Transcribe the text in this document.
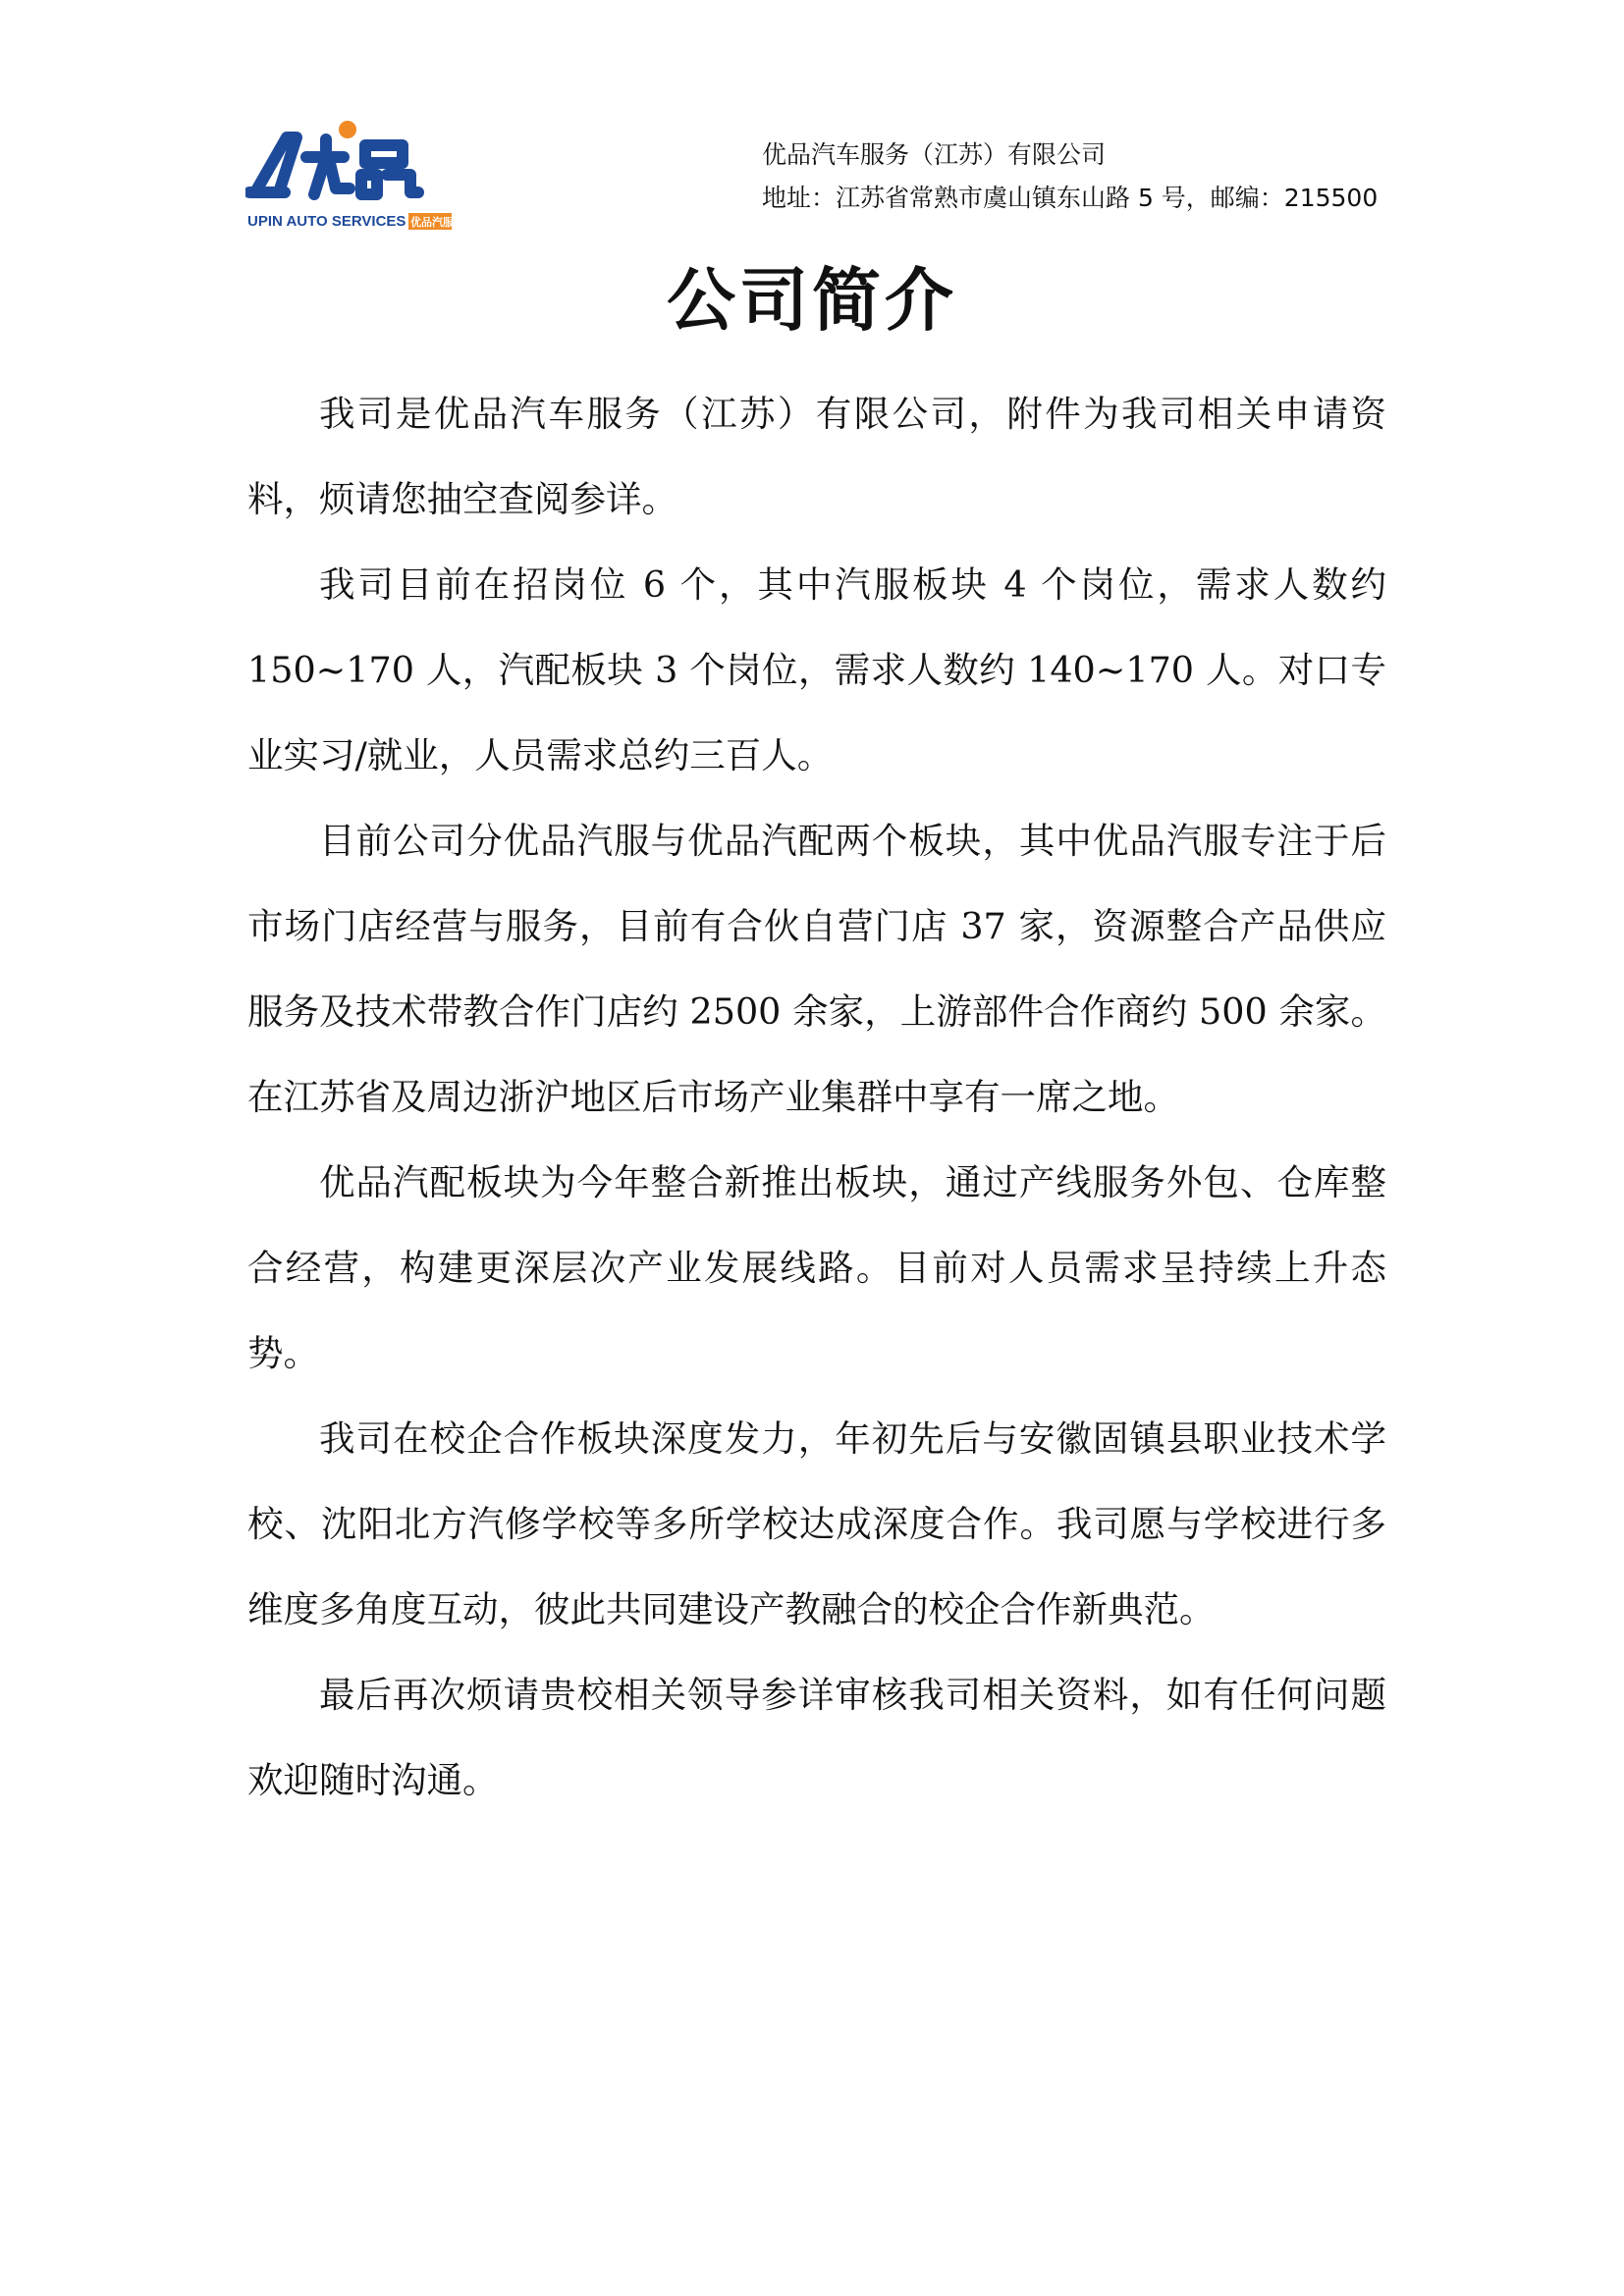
UPIN AUTO SERVICES 优品汽服
优品汽车服务（江苏）有限公司
地址：江苏省常熟市虞山镇东山路 5 号，邮编：215500
公司简介

我司是优品汽车服务（江苏）有限公司，附件为我司相关申请资料，烦请您抽空查阅参详。

我司目前在招岗位 6 个，其中汽服板块 4 个岗位，需求人数约 150~170 人，汽配板块 3 个岗位，需求人数约 140~170 人。对口专业实习/就业，人员需求总约三百人。

目前公司分优品汽服与优品汽配两个板块，其中优品汽服专注于后市场门店经营与服务，目前有合伙自营门店 37 家，资源整合产品供应服务及技术带教合作门店约 2500 余家，上游部件合作商约 500 余家。在江苏省及周边浙沪地区后市场产业集群中享有一席之地。

优品汽配板块为今年整合新推出板块，通过产线服务外包、仓库整合经营，构建更深层次产业发展线路。目前对人员需求呈持续上升态势。

我司在校企合作板块深度发力，年初先后与安徽固镇县职业技术学校、沈阳北方汽修学校等多所学校达成深度合作。我司愿与学校进行多维度多角度互动，彼此共同建设产教融合的校企合作新典范。

最后再次烦请贵校相关领导参详审核我司相关资料，如有任何问题欢迎随时沟通。
